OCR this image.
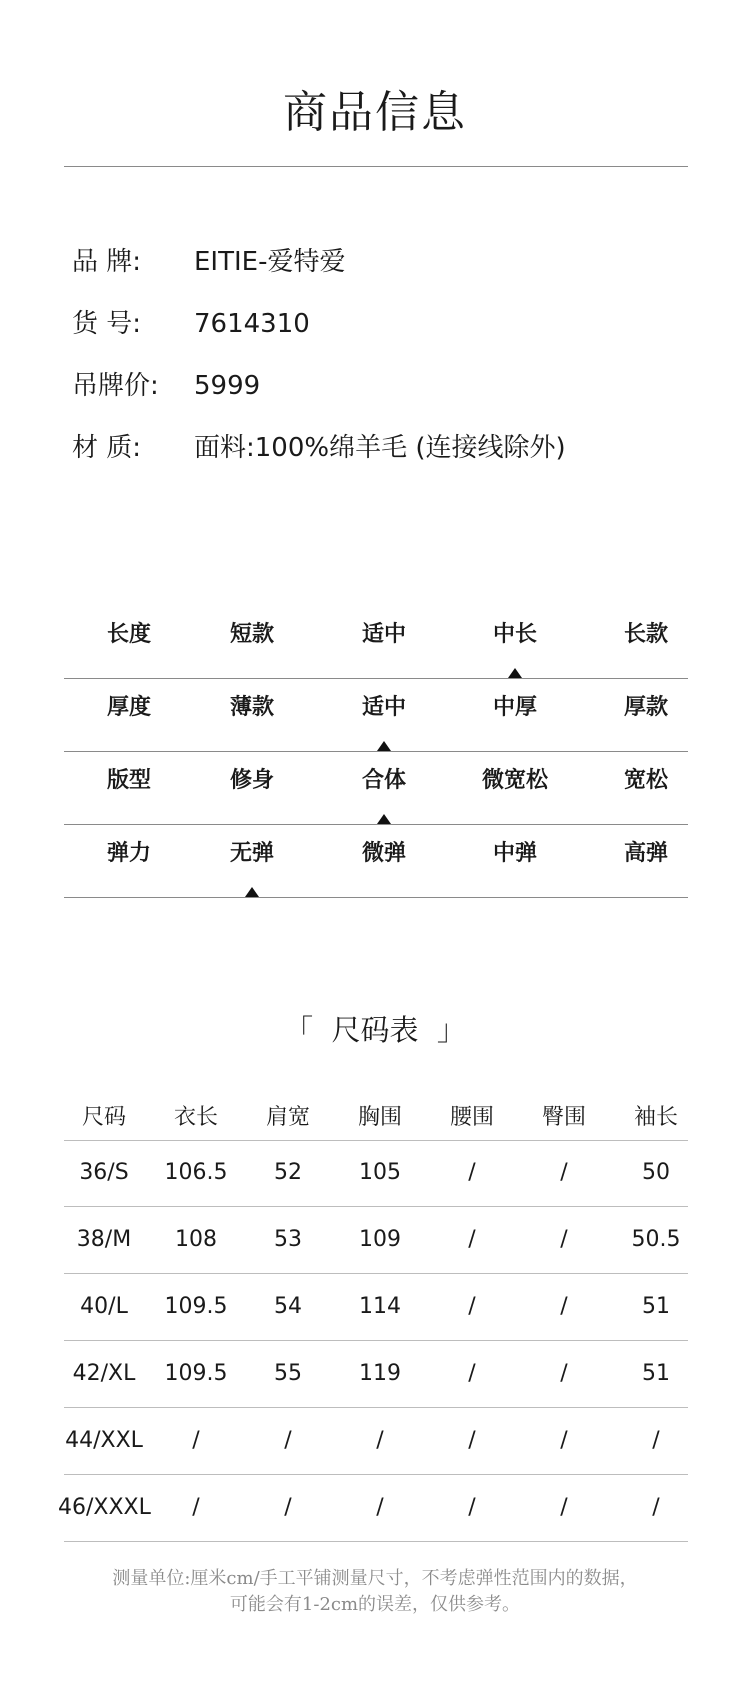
商品信息
品 牌:	EITIE-爱特爱
货 号:	7614310
吊牌价:	5999
材 质:	面料:100%绵羊毛 (连接线除外)
长度	短款	适中	中长	长款
厚度	薄款	适中	中厚	厚款
版型	修身	合体	微宽松	宽松
弹力	无弹	微弹	中弹	高弹
「  尺码表  」
尺码	衣长	肩宽	胸围	腰围	臀围	袖长
36/S	106.5	52	105	/	/	50
38/M	108	53	109	/	/	50.5
40/L	109.5	54	114	/	/	51
42/XL	109.5	55	119	/	/	51
44/XXL	/	/	/	/	/	/
46/XXXL	/	/	/	/	/	/
测量单位:厘米cm/手工平铺测量尺寸，不考虑弹性范围内的数据，
可能会有1-2cm的误差，仅供参考。
